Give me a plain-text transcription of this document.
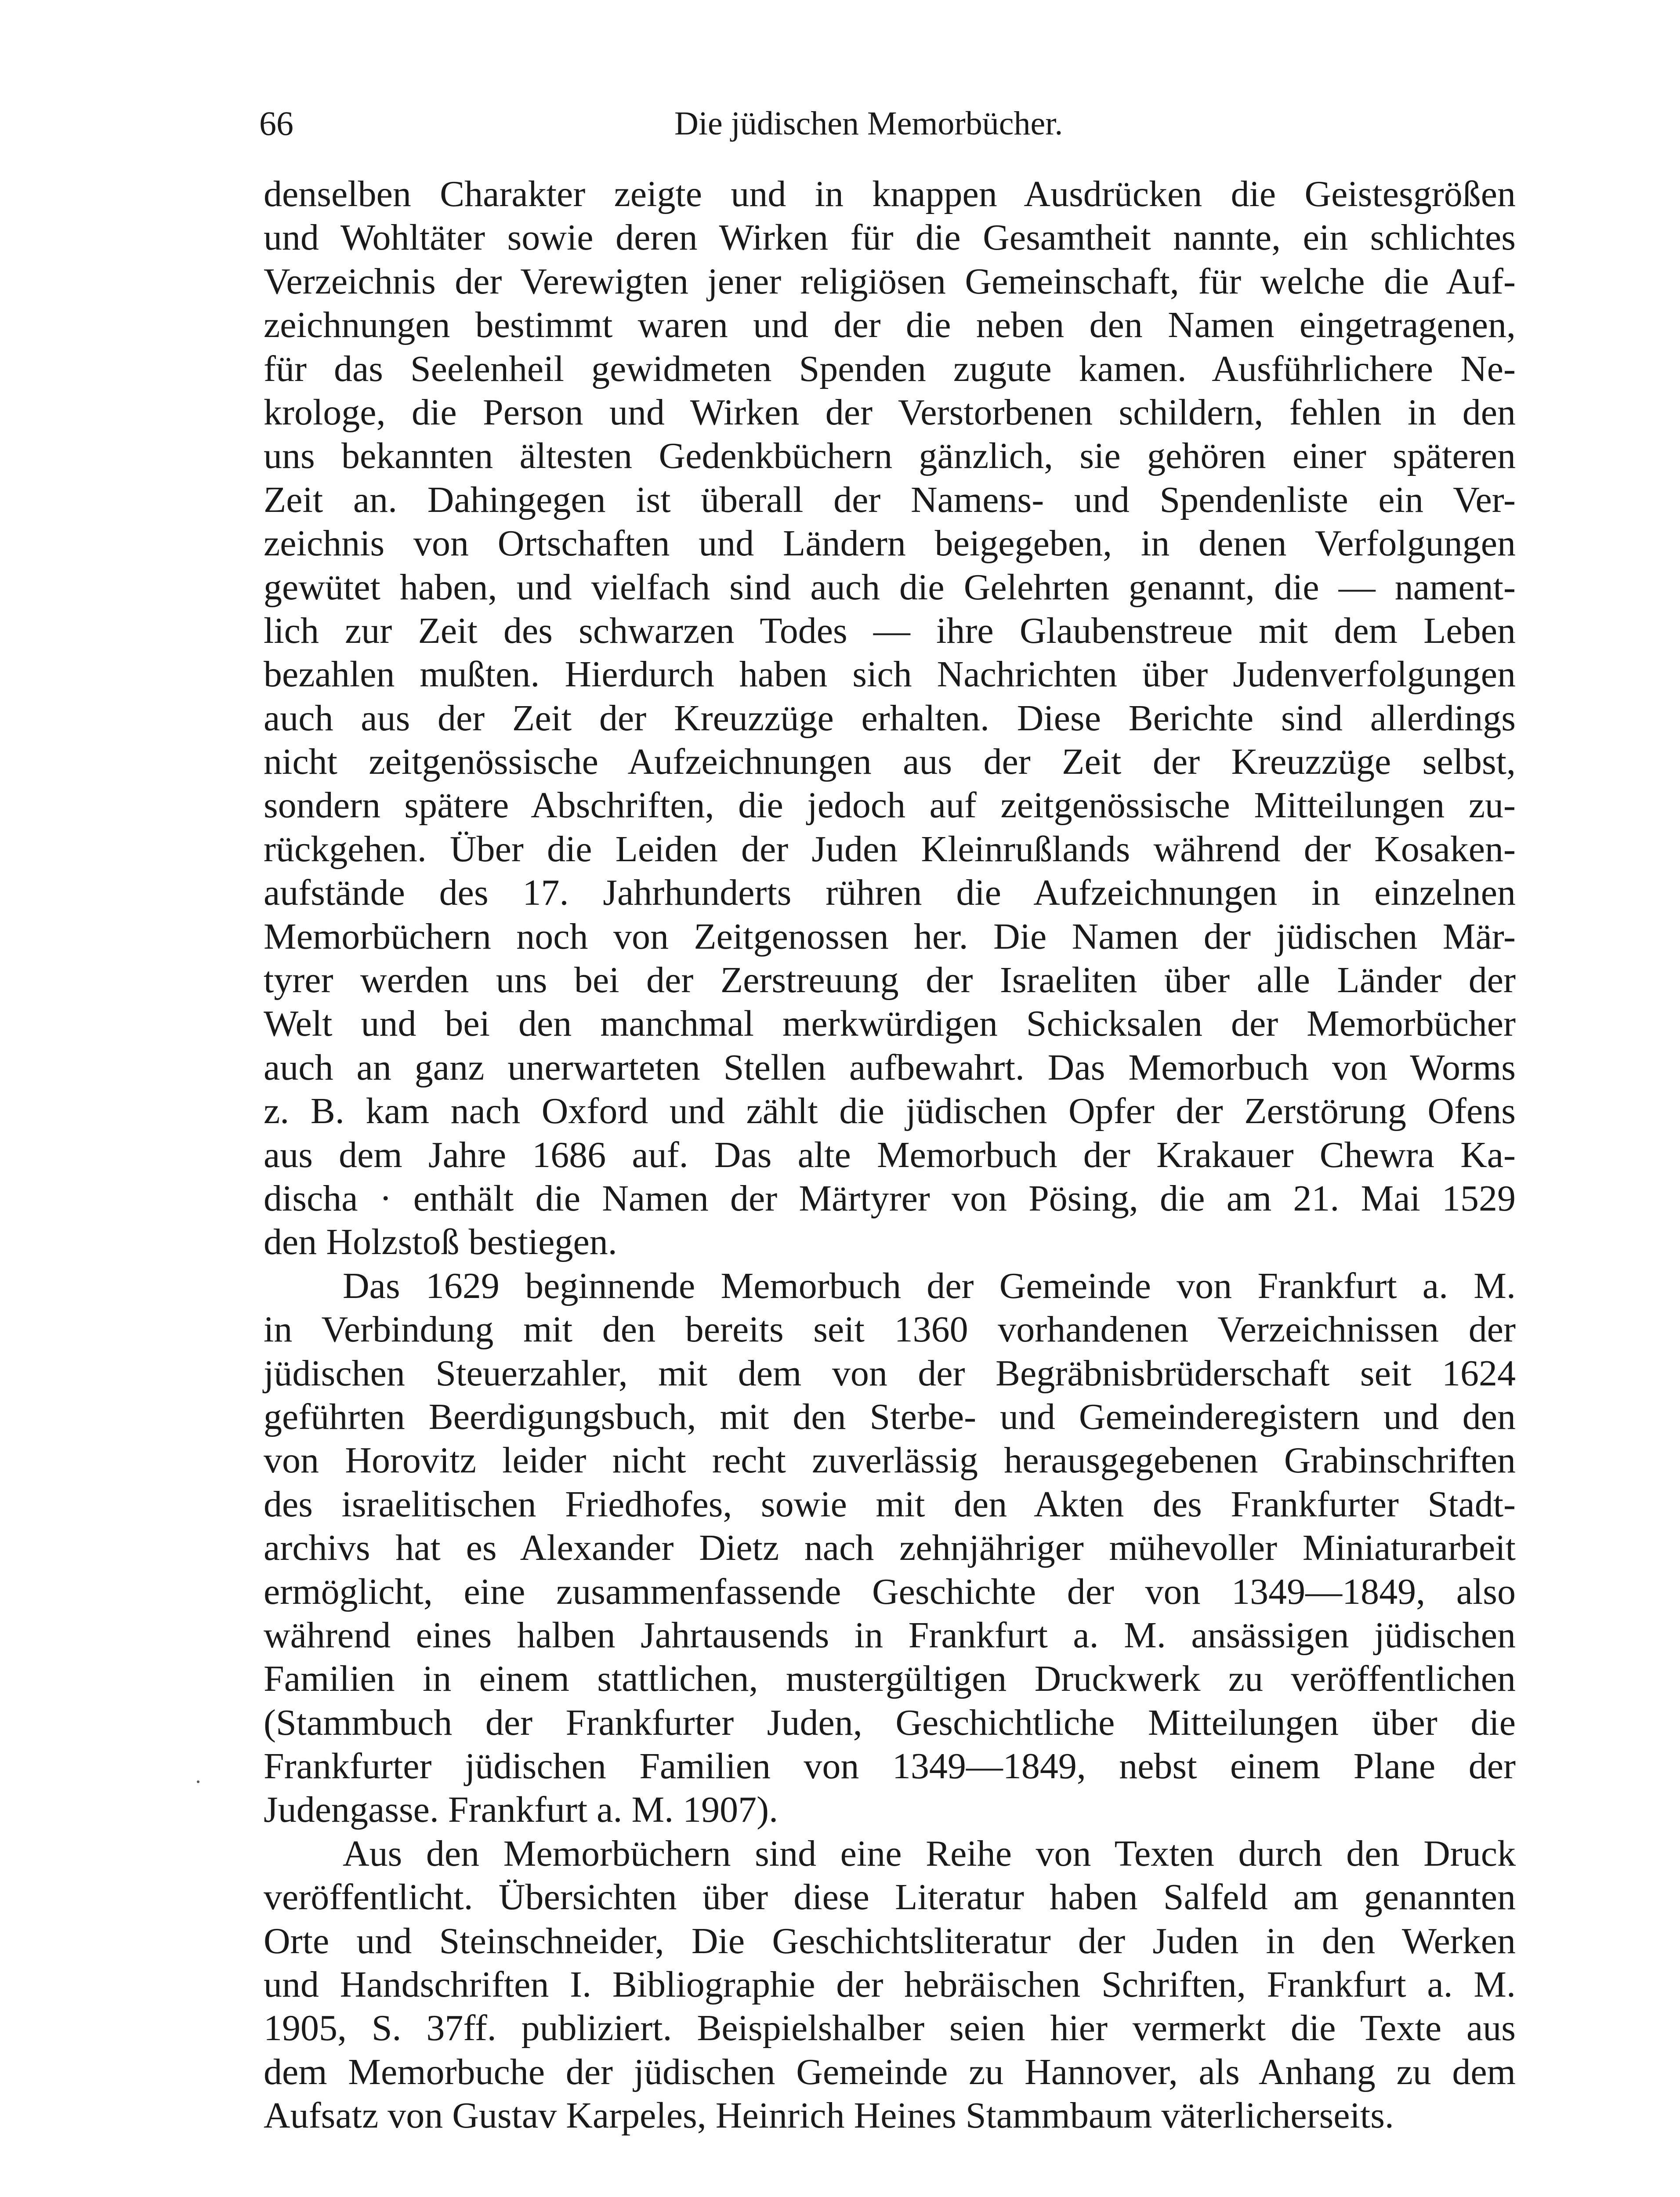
66	Die jüdischen Memorbücher.
denselben Charakter zeigte und in knappen Ausdrücken die Geistesgrößen
und Wohltäter sowie deren Wirken für die Gesamtheit nannte, ein schlichtes
Verzeichnis der Verewigten jener religiösen Gemeinschaft, für welche die Auf-
zeichnungen bestimmt waren und der die neben den Namen eingetragenen,
für das Seelenheil gewidmeten Spenden zugute kamen. Ausführlichere Ne-
krologe, die Person und Wirken der Verstorbenen schildern, fehlen in den
uns bekannten ältesten Gedenkbüchern gänzlich, sie gehören einer späteren
Zeit an. Dahingegen ist überall der Namens- und Spendenliste ein Ver-
zeichnis von Ortschaften und Ländern beigegeben, in denen Verfolgungen
gewütet haben, und vielfach sind auch die Gelehrten genannt, die — nament-
lich zur Zeit des schwarzen Todes — ihre Glaubenstreue mit dem Leben
bezahlen mußten. Hierdurch haben sich Nachrichten über Judenverfolgungen
auch aus der Zeit der Kreuzzüge erhalten. Diese Berichte sind allerdings
nicht zeitgenössische Aufzeichnungen aus der Zeit der Kreuzzüge selbst,
sondern spätere Abschriften, die jedoch auf zeitgenössische Mitteilungen zu-
rückgehen. Über die Leiden der Juden Kleinrußlands während der Kosaken-
aufstände des 17. Jahrhunderts rühren die Aufzeichnungen in einzelnen
Memorbüchern noch von Zeitgenossen her. Die Namen der jüdischen Mär-
tyrer werden uns bei der Zerstreuung der Israeliten über alle Länder der
Welt und bei den manchmal merkwürdigen Schicksalen der Memorbücher
auch an ganz unerwarteten Stellen aufbewahrt. Das Memorbuch von Worms
z. B. kam nach Oxford und zählt die jüdischen Opfer der Zerstörung Ofens
aus dem Jahre 1686 auf. Das alte Memorbuch der Krakauer Chewra Ka-
discha · enthält die Namen der Märtyrer von Pösing, die am 21. Mai 1529
den Holzstoß bestiegen.
Das 1629 beginnende Memorbuch der Gemeinde von Frankfurt a. M.
in Verbindung mit den bereits seit 1360 vorhandenen Verzeichnissen der
jüdischen Steuerzahler, mit dem von der Begräbnisbrüderschaft seit 1624
geführten Beerdigungsbuch, mit den Sterbe- und Gemeinderegistern und den
von Horovitz leider nicht recht zuverlässig herausgegebenen Grabinschriften
des israelitischen Friedhofes, sowie mit den Akten des Frankfurter Stadt-
archivs hat es Alexander Dietz nach zehnjähriger mühevoller Miniaturarbeit
ermöglicht, eine zusammenfassende Geschichte der von 1349—1849, also
während eines halben Jahrtausends in Frankfurt a. M. ansässigen jüdischen
Familien in einem stattlichen, mustergültigen Druckwerk zu veröffentlichen
(Stammbuch der Frankfurter Juden, Geschichtliche Mitteilungen über die
Frankfurter jüdischen Familien von 1349—1849, nebst einem Plane der
Judengasse. Frankfurt a. M. 1907).
Aus den Memorbüchern sind eine Reihe von Texten durch den Druck
veröffentlicht. Übersichten über diese Literatur haben Salfeld am genannten
Orte und Steinschneider, Die Geschichtsliteratur der Juden in den Werken
und Handschriften I. Bibliographie der hebräischen Schriften, Frankfurt a. M.
1905, S. 37ff. publiziert. Beispielshalber seien hier vermerkt die Texte aus
dem Memorbuche der jüdischen Gemeinde zu Hannover, als Anhang zu dem
Aufsatz von Gustav Karpeles, Heinrich Heines Stammbaum väterlicherseits.
